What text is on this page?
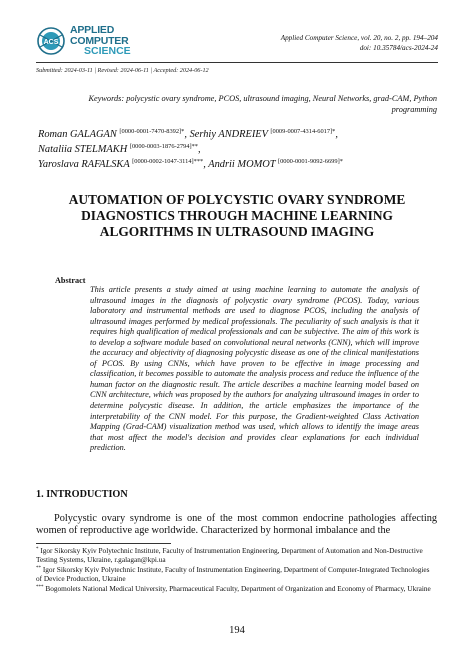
ACS
APPLIED COMPUTER
SCIENCE
Applied Computer Science, vol. 20, no. 2, pp. 194–204
doi: 10.35784/acs-2024-24
Submitted: 2024-03-11 | Revised: 2024-06-11 | Accepted: 2024-06-12
Keywords: polycystic ovary syndrome, PCOS, ultrasound imaging, Neural Networks, grad-CAM, Python programming
Roman GALAGAN $^{[0000-0001-7470-8392]*}$, Serhiy ANDREIEV $^{[0009-0007-4314-6017]*}$,
Nataliia STELMAKH $^{[0000-0003-1876-2794]**}$,
Yaroslava RAFALSKA $^{[0000-0002-1047-3114]***}$, Andrii MOMOT $^{[0000-0001-9092-6699]*}$
AUTOMATION OF POLYCYSTIC OVARY SYNDROME DIAGNOSTICS THROUGH MACHINE LEARNING ALGORITHMS IN ULTRASOUND IMAGING
Abstract
This article presents a study aimed at using machine learning to automate the analysis of ultrasound images in the diagnosis of polycystic ovary syndrome (PCOS). Today, various laboratory and instrumental methods are used to diagnose PCOS, including the analysis of ultrasound images performed by medical professionals. The peculiarity of such analysis is that it requires high qualification of medical professionals and can be subjective. The aim of this work is to develop a software module based on convolutional neural networks (CNN), which will improve the accuracy and objectivity of diagnosing polycystic disease as one of the clinical manifestations of PCOS. By using CNNs, which have proven to be effective in image processing and classification, it becomes possible to automate the analysis process and reduce the influence of the human factor on the diagnostic result. The article describes a machine learning model based on CNN architecture, which was proposed by the authors for analyzing ultrasound images in order to determine polycystic disease. In addition, the article emphasizes the importance of the interpretability of the CNN model. For this purpose, the Gradient-weighted Class Activation Mapping (Grad-CAM) visualization method was used, which allows to identify the image areas that most affect the model's decision and provides clear explanations for each individual prediction.
1. INTRODUCTION
Polycystic ovary syndrome is one of the most common endocrine pathologies affecting women of reproductive age worldwide. Characterized by hormonal imbalance and the
* Igor Sikorsky Kyiv Polytechnic Institute, Faculty of Instrumentation Engineering, Department of Automation and Non-Destructive Testing Systems, Ukraine, r.galagan@kpi.ua
** Igor Sikorsky Kyiv Polytechnic Institute, Faculty of Instrumentation Engineering, Department of Computer-Integrated Technologies of Device Production, Ukraine
*** Bogomolets National Medical University, Pharmaceutical Faculty, Department of Organization and Economy of Pharmacy, Ukraine
194
